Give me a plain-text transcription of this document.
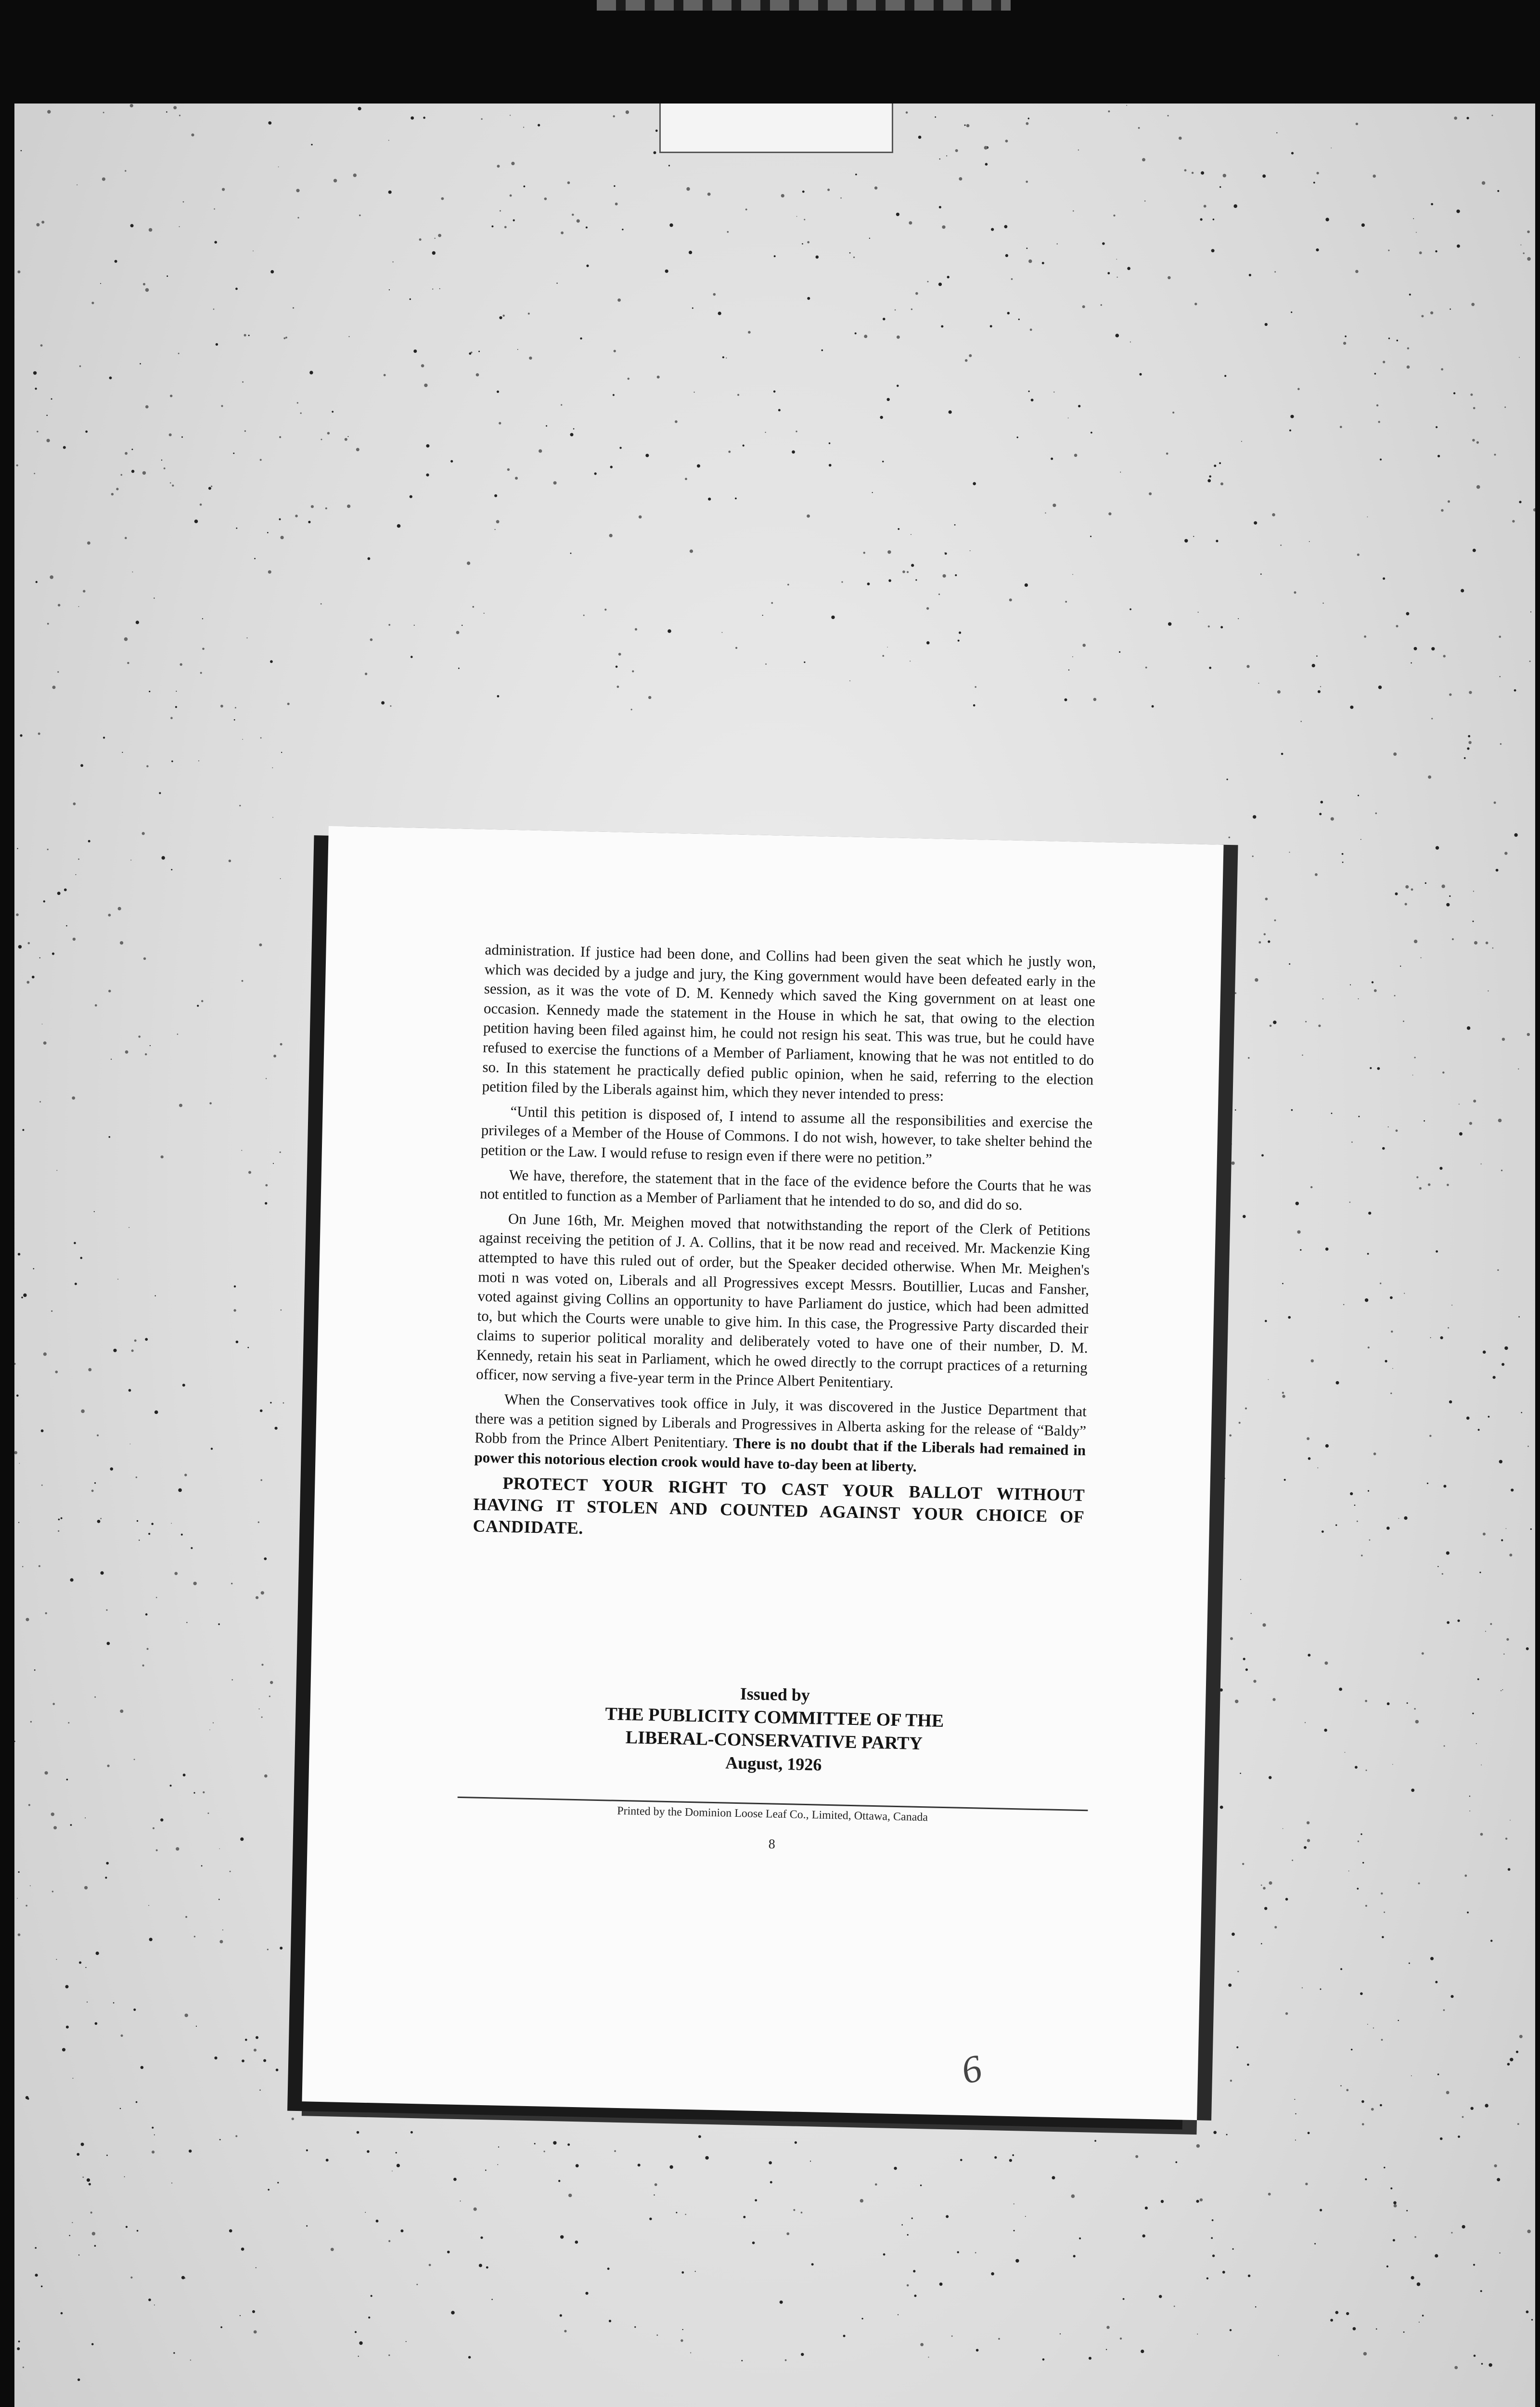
administration. If justice had been done, and Collins had been given the seat which he justly won, which was decided by a judge and jury, the King government would have been defeated early in the session, as it was the vote of D. M. Kennedy which saved the King government on at least one occasion. Kennedy made the statement in the House in which he sat, that owing to the election petition having been filed against him, he could not resign his seat. This was true, but he could have refused to exercise the functions of a Member of Parliament, knowing that he was not entitled to do so. In this statement he practically defied public opinion, when he said, referring to the election petition filed by the Liberals against him, which they never intended to press:

“Until this petition is disposed of, I intend to assume all the responsibilities and exercise the privileges of a Member of the House of Commons. I do not wish, however, to take shelter behind the petition or the Law. I would refuse to resign even if there were no petition.”

We have, therefore, the statement that in the face of the evidence before the Courts that he was not entitled to function as a Member of Parliament that he intended to do so, and did do so.

On June 16th, Mr. Meighen moved that notwithstanding the report of the Clerk of Petitions against receiving the petition of J. A. Collins, that it be now read and received. Mr. Mackenzie King attempted to have this ruled out of order, but the Speaker decided otherwise. When Mr. Meighen's moti n was voted on, Liberals and all Progressives except Messrs. Boutillier, Lucas and Fansher, voted against giving Collins an opportunity to have Parliament do justice, which had been admitted to, but which the Courts were unable to give him. In this case, the Progressive Party discarded their claims to superior political morality and deliberately voted to have one of their number, D. M. Kennedy, retain his seat in Parliament, which he owed directly to the corrupt practices of a returning officer, now serving a five-year term in the Prince Albert Penitentiary.

When the Conservatives took office in July, it was discovered in the Justice Department that there was a petition signed by Liberals and Progressives in Alberta asking for the release of “Baldy” Robb from the Prince Albert Penitentiary. There is no doubt that if the Liberals had remained in power this notorious election crook would have to-day been at liberty.

PROTECT YOUR RIGHT TO CAST YOUR BALLOT WITHOUT HAVING IT STOLEN AND COUNTED AGAINST YOUR CHOICE OF CANDIDATE.

Issued by
THE PUBLICITY COMMITTEE OF THE
LIBERAL-CONSERVATIVE PARTY
August, 1926
Printed by the Dominion Loose Leaf Co., Limited, Ottawa, Canada
8
6
